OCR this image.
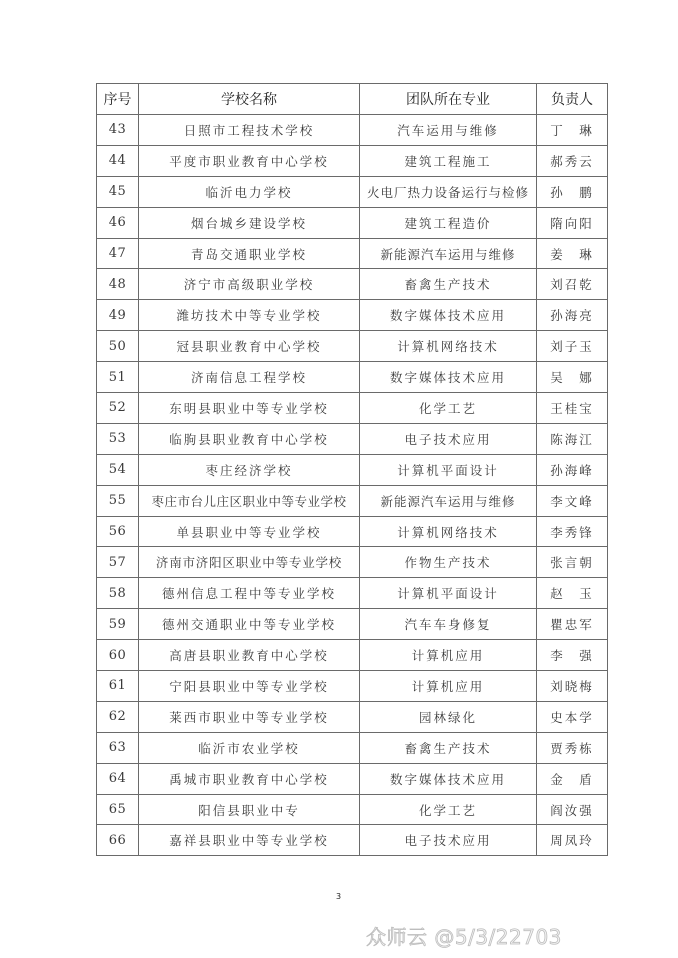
序号	学校名称	团队所在专业	负责人
43	日照市工程技术学校	汽车运用与维修	丁　琳
44	平度市职业教育中心学校	建筑工程施工	郝秀云
45	临沂电力学校	火电厂热力设备运行与检修	孙　鹏
46	烟台城乡建设学校	建筑工程造价	隋向阳
47	青岛交通职业学校	新能源汽车运用与维修	姜　琳
48	济宁市高级职业学校	畜禽生产技术	刘召乾
49	潍坊技术中等专业学校	数字媒体技术应用	孙海亮
50	冠县职业教育中心学校	计算机网络技术	刘子玉
51	济南信息工程学校	数字媒体技术应用	吴　娜
52	东明县职业中等专业学校	化学工艺	王桂宝
53	临朐县职业教育中心学校	电子技术应用	陈海江
54	枣庄经济学校	计算机平面设计	孙海峰
55	枣庄市台儿庄区职业中等专业学校	新能源汽车运用与维修	李文峰
56	单县职业中等专业学校	计算机网络技术	李秀锋
57	济南市济阳区职业中等专业学校	作物生产技术	张言朝
58	德州信息工程中等专业学校	计算机平面设计	赵　玉
59	德州交通职业中等专业学校	汽车车身修复	瞿忠军
60	高唐县职业教育中心学校	计算机应用	李　强
61	宁阳县职业中等专业学校	计算机应用	刘晓梅
62	莱西市职业中等专业学校	园林绿化	史本学
63	临沂市农业学校	畜禽生产技术	贾秀栋
64	禹城市职业教育中心学校	数字媒体技术应用	金　盾
65	阳信县职业中专	化学工艺	阎汝强
66	嘉祥县职业中等专业学校	电子技术应用	周凤玲
3
众师云 @5/3/22703
